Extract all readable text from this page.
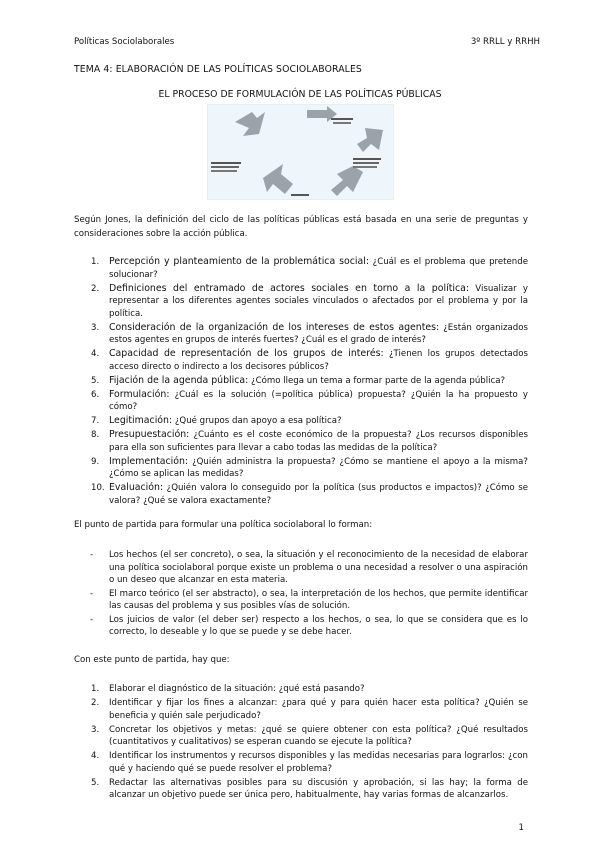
Políticas Sociolaborales	3º RRLL y RRHH
TEMA 4: ELABORACIÓN DE LAS POLÍTICAS SOCIOLABORALES
EL PROCESO DE FORMULACIÓN DE LAS POLÍTICAS PÚBLICAS
Según Jones, la definición del ciclo de las políticas públicas está basada en una serie de preguntas y consideraciones sobre la acción pública.
1.	Percepción y planteamiento de la problemática social: ¿Cuál es el problema que pretende solucionar?
2.	Definiciones del entramado de actores sociales en torno a la política: Visualizar y representar a los diferentes agentes sociales vinculados o afectados por el problema y por la política.
3.	Consideración de la organización de los intereses de estos agentes: ¿Están organizados estos agentes en grupos de interés fuertes? ¿Cuál es el grado de interés?
4.	Capacidad de representación de los grupos de interés: ¿Tienen los grupos detectados acceso directo o indirecto a los decisores públicos?
5.	Fijación de la agenda pública: ¿Cómo llega un tema a formar parte de la agenda pública?
6.	Formulación: ¿Cuál es la solución (=política pública) propuesta? ¿Quién la ha propuesto y cómo?
7.	Legitimación: ¿Qué grupos dan apoyo a esa política?
8.	Presupuestación: ¿Cuánto es el coste económico de la propuesta? ¿Los recursos disponibles para ella son suficientes para llevar a cabo todas las medidas de la política?
9.	Implementación: ¿Quién administra la propuesta? ¿Cómo se mantiene el apoyo a la misma? ¿Cómo se aplican las medidas?
10. Evaluación: ¿Quién valora lo conseguido por la política (sus productos e impactos)? ¿Cómo se valora? ¿Qué se valora exactamente?
El punto de partida para formular una política sociolaboral lo forman:
- Los hechos (el ser concreto), o sea, la situación y el reconocimiento de la necesidad de elaborar una política sociolaboral porque existe un problema o una necesidad a resolver o una aspiración o un deseo que alcanzar en esta materia.
- El marco teórico (el ser abstracto), o sea, la interpretación de los hechos, que permite identificar las causas del problema y sus posibles vías de solución.
- Los juicios de valor (el deber ser) respecto a los hechos, o sea, lo que se considera que es lo correcto, lo deseable y lo que se puede y se debe hacer.
Con este punto de partida, hay que:
1.	Elaborar el diagnóstico de la situación: ¿qué está pasando?
2.	Identificar y fijar los fines a alcanzar: ¿para qué y para quién hacer esta política? ¿Quién se beneficia y quién sale perjudicado?
3.	Concretar los objetivos y metas: ¿qué se quiere obtener con esta política? ¿Qué resultados (cuantitativos y cualitativos) se esperan cuando se ejecute la política?
4.	Identificar los instrumentos y recursos disponibles y las medidas necesarias para lograrlos: ¿con qué y haciendo qué se puede resolver el problema?
5.	Redactar las alternativas posibles para su discusión y aprobación, si las hay; la forma de alcanzar un objetivo puede ser única pero, habitualmente, hay varias formas de alcanzarlos.
1
